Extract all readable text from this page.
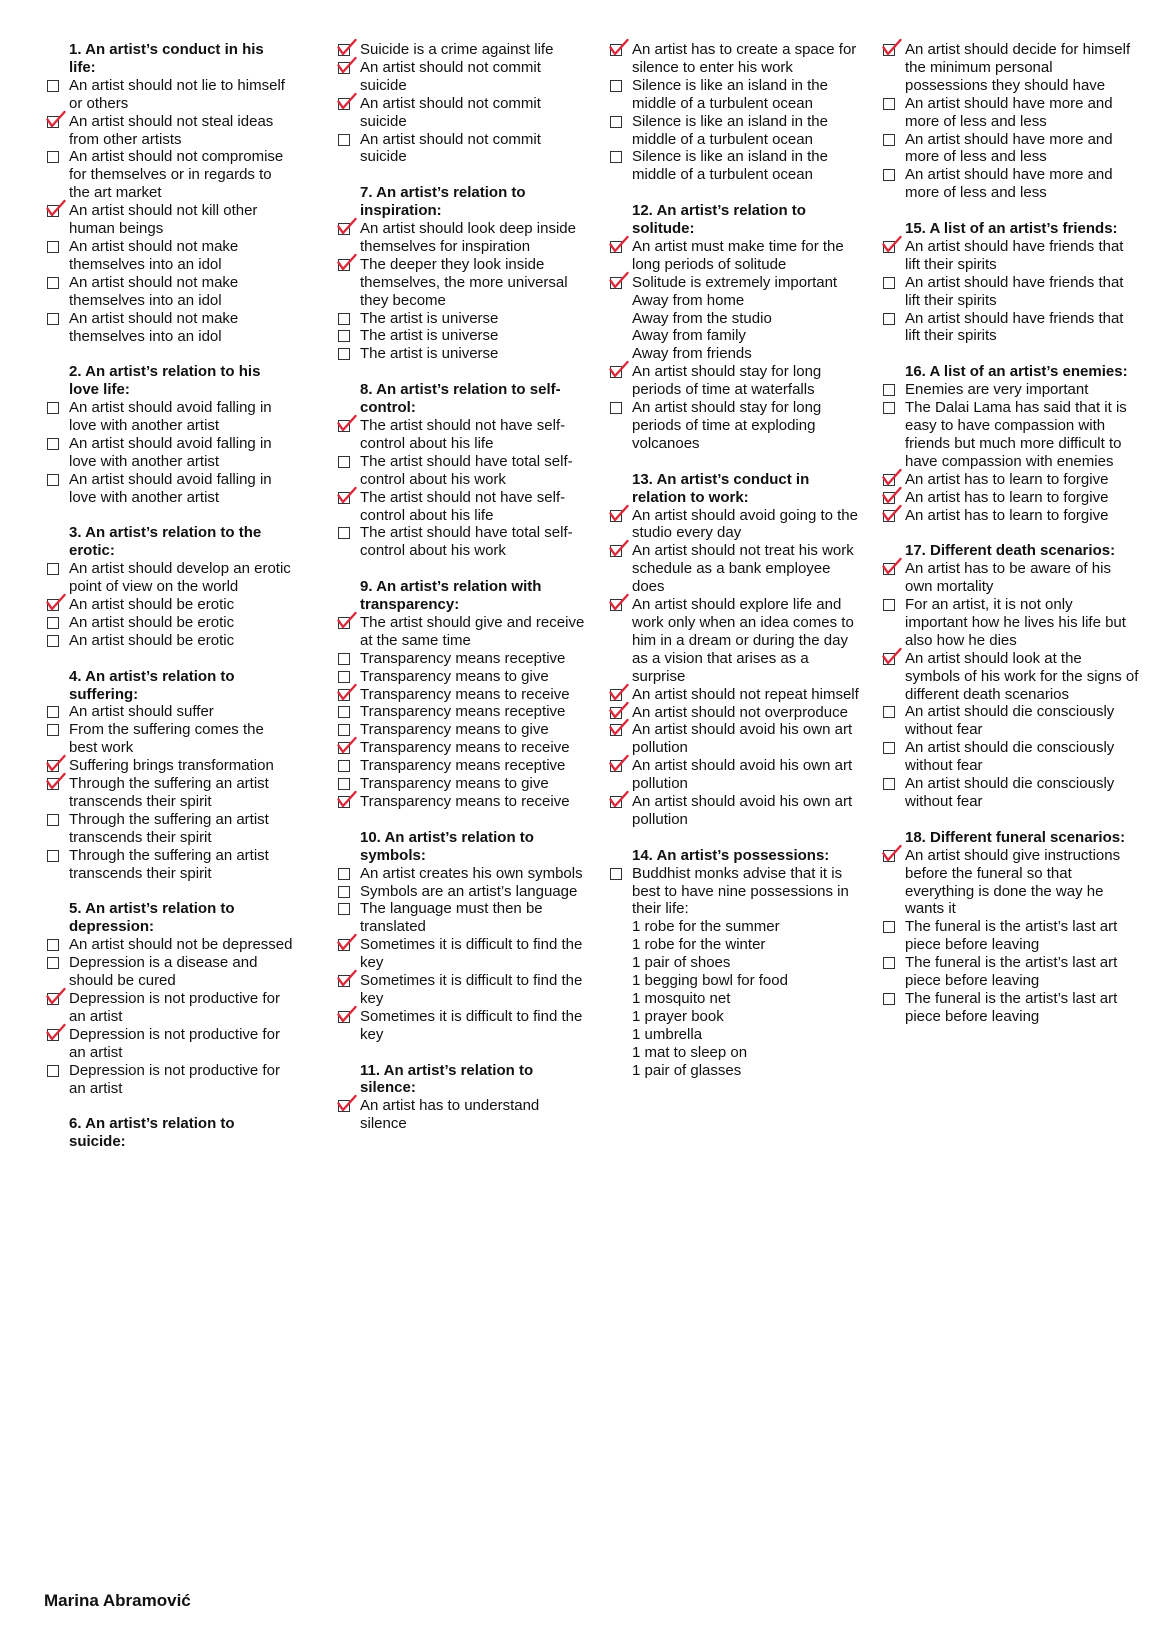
1. An artist’s conduct in his life:
An artist should not lie to himself or others
An artist should not steal ideas from other artists
An artist should not compromise for themselves or in regards to the art market
An artist should not kill other human beings
An artist should not make themselves into an idol
An artist should not make themselves into an idol
An artist should not make themselves into an idol
2. An artist’s relation to his love life:
An artist should avoid falling in love with another artist
An artist should avoid falling in love with another artist
An artist should avoid falling in love with another artist
3. An artist’s relation to the erotic:
An artist should develop an erotic point of view on the world
An artist should be erotic
An artist should be erotic
An artist should be erotic
4. An artist’s relation to suffering:
An artist should suffer
From the suffering comes the best work
Suffering brings transformation
Through the suffering an artist transcends their spirit
Through the suffering an artist transcends their spirit
Through the suffering an artist transcends their spirit
5. An artist’s relation to depression:
An artist should not be depressed
Depression is a disease and should be cured
Depression is not productive for an artist
Depression is not productive for an artist
Depression is not productive for an artist
6. An artist’s relation to suicide:
Suicide is a crime against life
An artist should not commit suicide
An artist should not commit suicide
An artist should not commit suicide
7. An artist’s relation to inspiration:
An artist should look deep inside themselves for inspiration
The deeper they look inside themselves, the more universal they become
The artist is universe
The artist is universe
The artist is universe
8. An artist’s relation to self-control:
The artist should not have self-control about his life
The artist should have total self-control about his work
The artist should not have self-control about his life
The artist should have total self-control about his work
9. An artist’s relation with transparency:
The artist should give and receive at the same time
Transparency means receptive
Transparency means to give
Transparency means to receive
Transparency means receptive
Transparency means to give
Transparency means to receive
Transparency means receptive
Transparency means to give
Transparency means to receive
10. An artist’s relation to symbols:
An artist creates his own symbols
Symbols are an artist’s language
The language must then be translated
Sometimes it is difficult to find the key
Sometimes it is difficult to find the key
Sometimes it is difficult to find the key
11. An artist’s relation to silence:
An artist has to understand silence
An artist has to create a space for silence to enter his work
Silence is like an island in the middle of a turbulent ocean
Silence is like an island in the middle of a turbulent ocean
Silence is like an island in the middle of a turbulent ocean
12. An artist’s relation to solitude:
An artist must make time for the long periods of solitude
Solitude is extremely important
Away from home
Away from the studio
Away from family
Away from friends
An artist should stay for long periods of time at waterfalls
An artist should stay for long periods of time at exploding volcanoes
13. An artist’s conduct in relation to work:
An artist should avoid going to the studio every day
An artist should not treat his work schedule as a bank employee does
An artist should explore life and work only when an idea comes to him in a dream or during the day as a vision that arises as a surprise
An artist should not repeat himself
An artist should not overproduce
An artist should avoid his own art pollution
An artist should avoid his own art pollution
An artist should avoid his own art pollution
14. An artist’s possessions:
Buddhist monks advise that it is best to have nine possessions in their life:
1 robe for the summer
1 robe for the winter
1 pair of shoes
1 begging bowl for food
1 mosquito net
1 prayer book
1 umbrella
1 mat to sleep on
1 pair of glasses
An artist should decide for himself the minimum personal possessions they should have
An artist should have more and more of less and less
An artist should have more and more of less and less
An artist should have more and more of less and less
15. A list of an artist’s friends:
An artist should have friends that lift their spirits
An artist should have friends that lift their spirits
An artist should have friends that lift their spirits
16. A list of an artist’s enemies:
Enemies are very important
The Dalai Lama has said that it is easy to have compassion with friends but much more difficult to have compassion with enemies
An artist has to learn to forgive
An artist has to learn to forgive
An artist has to learn to forgive
17. Different death scenarios:
An artist has to be aware of his own mortality
For an artist, it is not only important how he lives his life but also how he dies
An artist should look at the symbols of his work for the signs of different death scenarios
An artist should die consciously without fear
An artist should die consciously without fear
An artist should die consciously without fear
18. Different funeral scenarios:
An artist should give instructions before the funeral so that everything is done the way he wants it
The funeral is the artist’s last art piece before leaving
The funeral is the artist’s last art piece before leaving
The funeral is the artist’s last art piece before leaving
Marina Abramović
